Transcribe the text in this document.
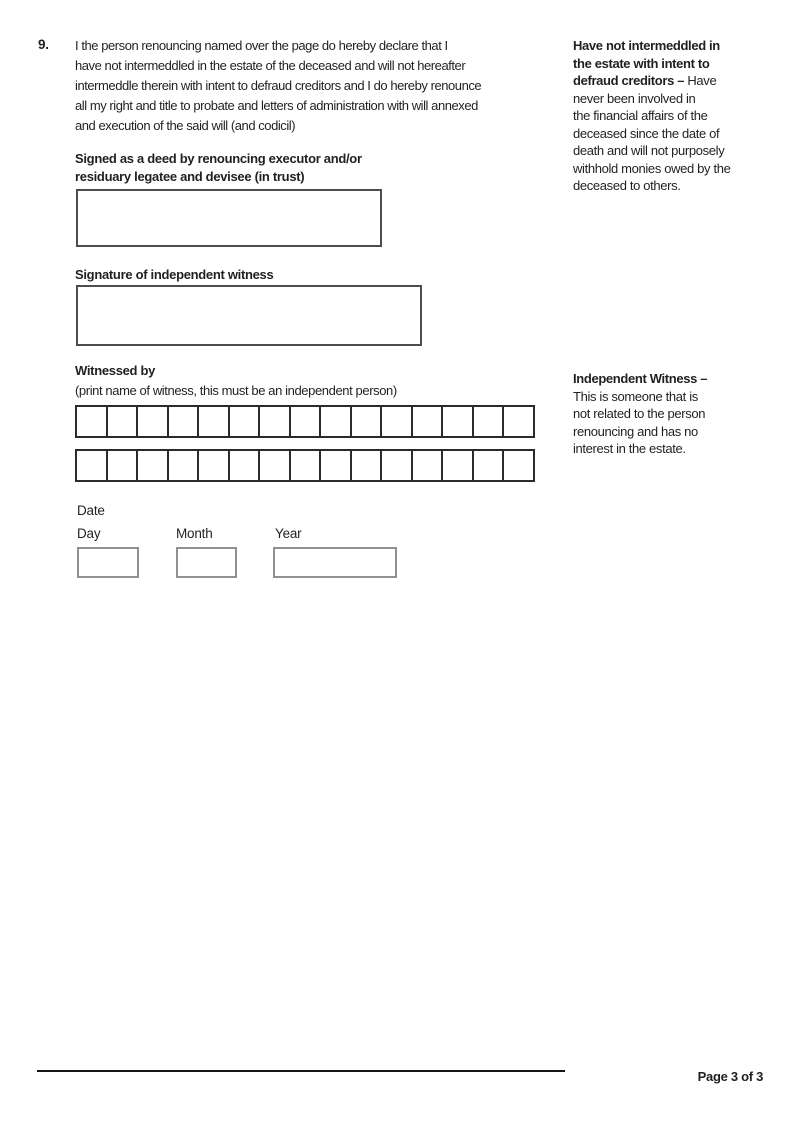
9. I the person renouncing named over the page do hereby declare that I
have not intermeddled in the estate of the deceased and will not hereafter
intermeddle therein with intent to defraud creditors and I do hereby renounce
all my right and title to probate and letters of administration with will annexed
and execution of the said will (and codicil)
Signed as a deed by renouncing executor and/or
residuary legatee and devisee (in trust)
Signature of independent witness
Witnessed by
(print name of witness, this must be an independent person)
Date
Day	Month	Year
Have not intermeddled in
the estate with intent to
defraud creditors – Have
never been involved in
the financial affairs of the
deceased since the date of
death and will not purposely
withhold monies owed by the
deceased to others.
Independent Witness –
This is someone that is
not related to the person
renouncing and has no
interest in the estate.
Page 3 of 3
